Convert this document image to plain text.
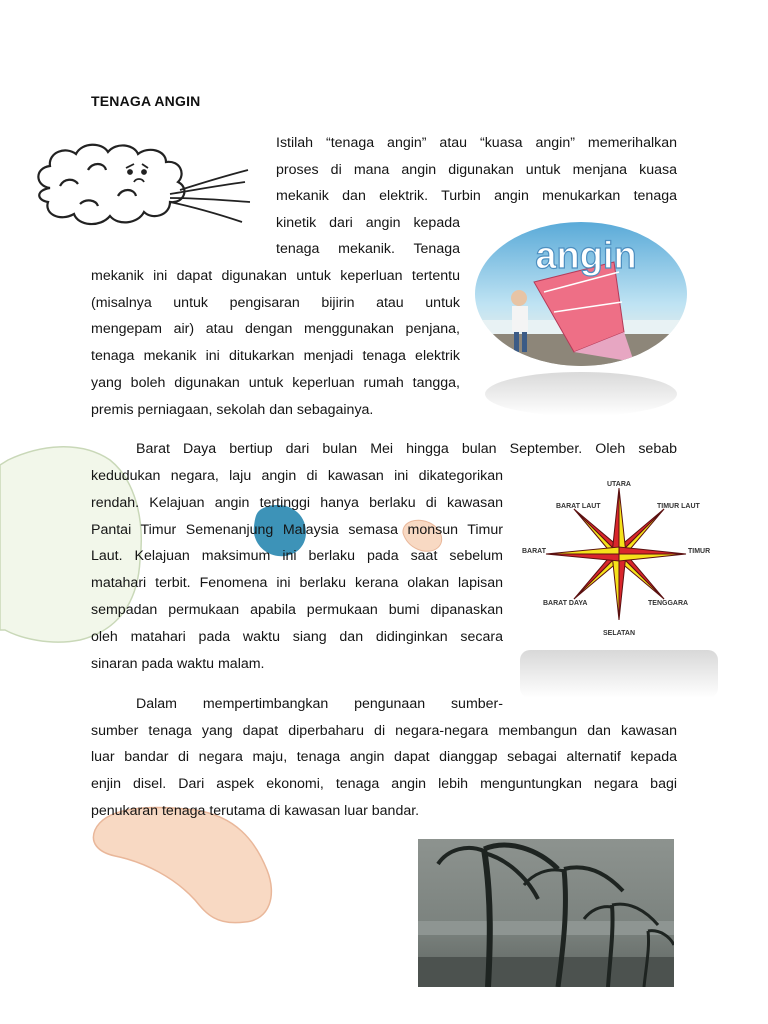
TENAGA ANGIN
Istilah “tenaga angin” atau “kuasa angin” memerihalkan
proses di mana angin digunakan untuk menjana kuasa
mekanik dan elektrik. Turbin angin menukarkan tenaga
kinetik dari angin kepada
tenaga mekanik. Tenaga
mekanik ini dapat digunakan untuk keperluan tertentu
(misalnya untuk pengisaran bijirin atau untuk
mengepam air) atau dengan menggunakan penjana,
tenaga mekanik ini ditukarkan menjadi tenaga elektrik
yang boleh digunakan untuk keperluan rumah tangga,
premis perniagaan, sekolah dan sebagainya.
angin
Barat Daya bertiup dari bulan Mei hingga bulan September. Oleh sebab
kedudukan negara, laju angin di kawasan ini dikategorikan
rendah. Kelajuan angin tertinggi hanya berlaku di kawasan
Pantai Timur Semenanjung Malaysia semasa monsun Timur
Laut. Kelajuan maksimum ini berlaku pada saat sebelum
matahari terbit. Fenomena ini berlaku kerana olakan lapisan
sempadan permukaan apabila permukaan bumi dipanaskan
oleh matahari pada waktu siang dan didinginkan secara
sinaran pada waktu malam.
UTARA
SELATAN
TIMUR
BARAT
TIMUR LAUT
BARAT LAUT
TENGGARA
BARAT DAYA
Dalam mempertimbangkan pengunaan sumber-
sumber tenaga yang dapat diperbaharu di negara-negara membangun dan kawasan
luar bandar di negara maju, tenaga angin dapat dianggap sebagai alternatif kepada
enjin disel. Dari aspek ekonomi, tenaga angin lebih menguntungkan negara bagi
penukaran tenaga terutama di kawasan luar bandar.
